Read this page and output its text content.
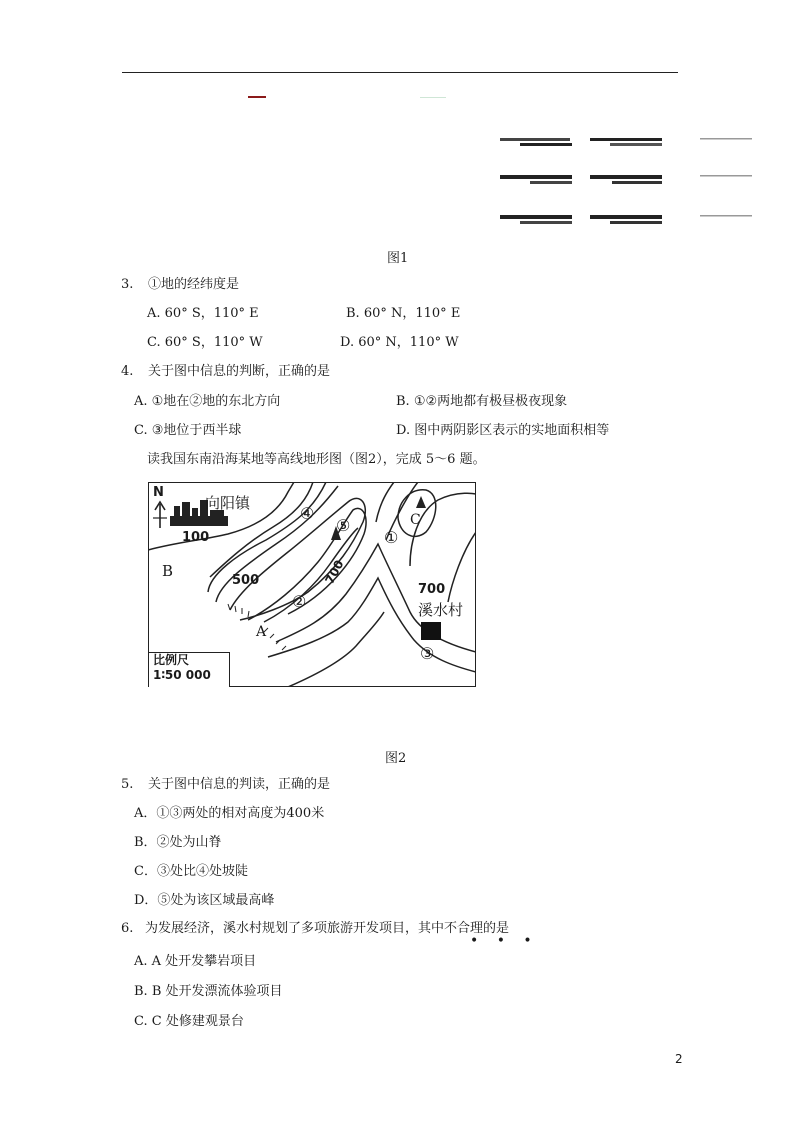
图1
3. ①地的经纬度是
A. 60° S，110° E	B. 60° N，110° E
C. 60° S，110° W	D. 60° N，110° W
4. 关于图中信息的判断，正确的是
A. ①地在②地的东北方向	B. ①②两地都有极昼极夜现象
C. ③地位于西半球	D. 图中两阴影区表示的实地面积相等
读我国东南沿海某地等高线地形图（图2），完成 5～6 题。
N
向阳镇
100
500	700
700
溪水村
A
B
C
①
②
③
④
⑤
比例尺
1∶50 000
图2
5. 关于图中信息的判读，正确的是
A．①③两处的相对高度为400米
B．②处为山脊
C．③处比④处坡陡
D．⑤处为该区域最高峰
6. 为发展经济，溪水村规划了多项旅游开发项目，其中不合理的是
• • •
A. A 处开发攀岩项目
B. B 处开发漂流体验项目
C. C 处修建观景台
2
